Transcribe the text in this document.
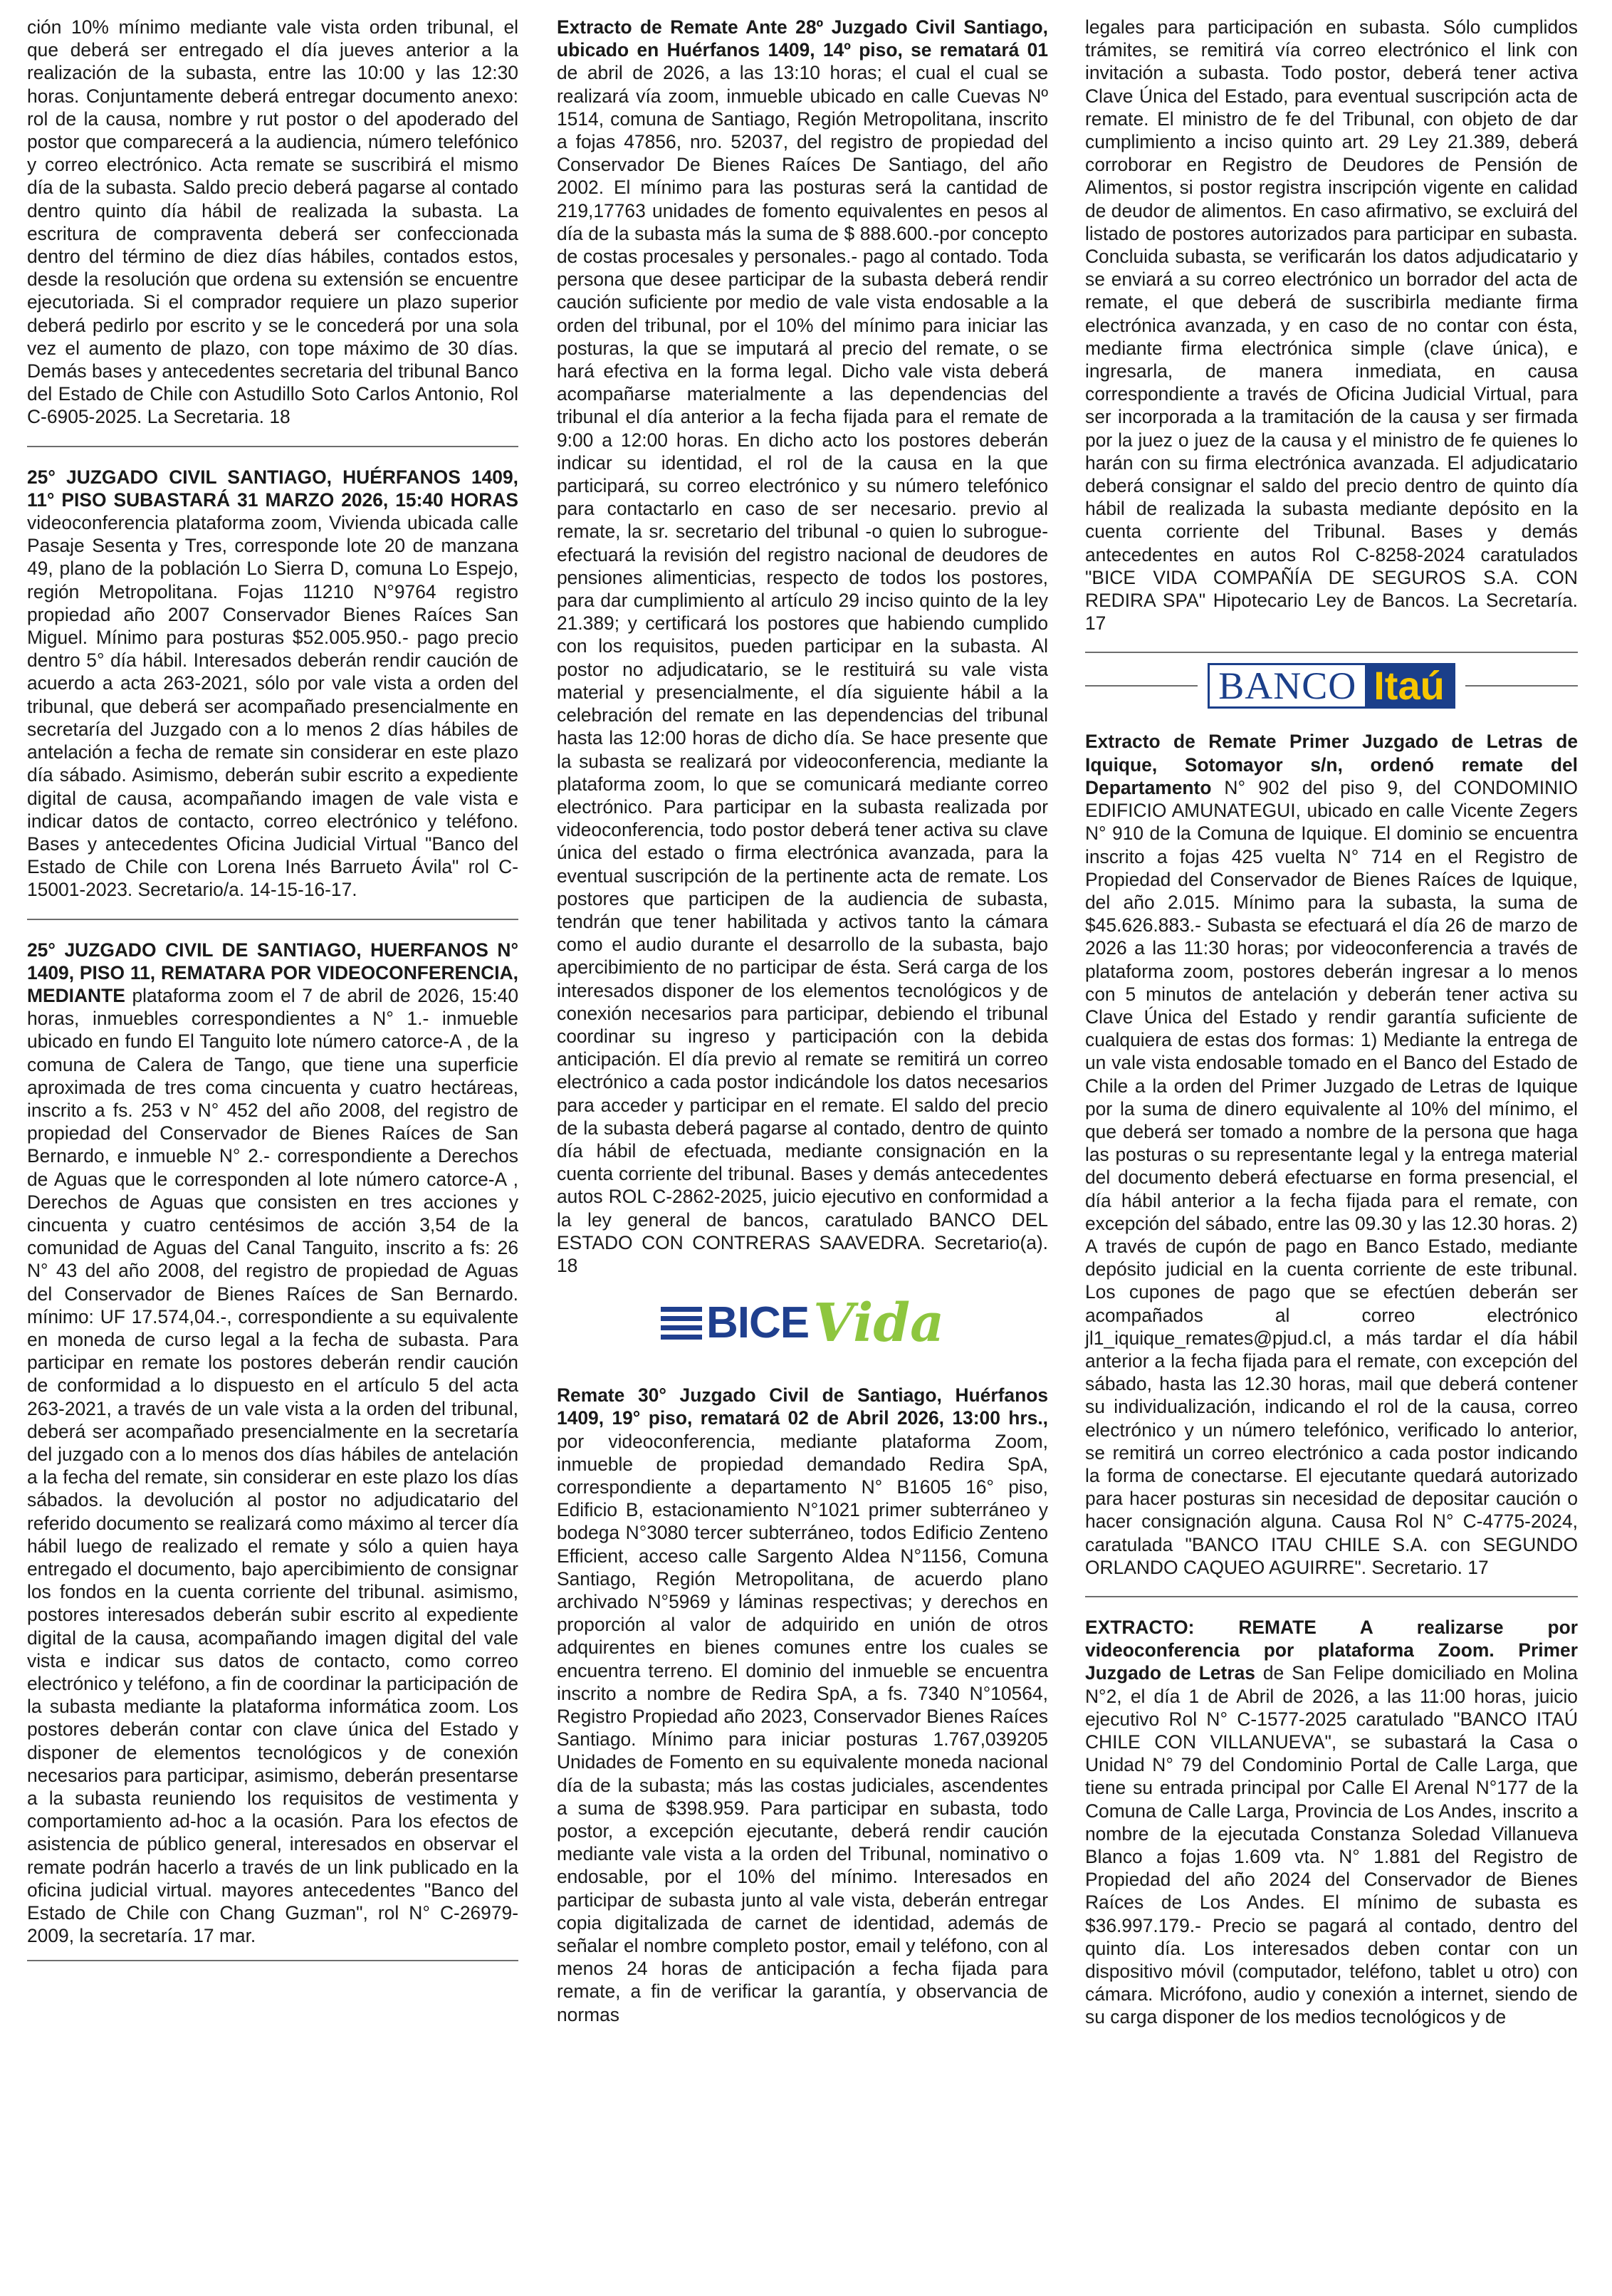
ción 10% mínimo mediante vale vista orden tribunal, el que deberá ser entregado el día jueves anterior a la realización de la subasta, entre las 10:00 y las 12:30 horas. Conjuntamente deberá entregar documento anexo: rol de la causa, nombre y rut postor o del apoderado del postor que comparecerá a la audiencia, número telefónico y correo electrónico. Acta remate se suscribirá el mismo día de la subasta. Saldo precio deberá pagarse al contado dentro quinto día hábil de realizada la subasta. La escritura de compraventa deberá ser confeccionada dentro del término de diez días hábiles, contados estos, desde la resolución que ordena su extensión se encuentre ejecutoriada. Si el comprador requiere un plazo superior deberá pedirlo por escrito y se le concederá por una sola vez el aumento de plazo, con tope máximo de 30 días. Demás bases y antecedentes secretaria del tribunal Banco del Estado de Chile con Astudillo Soto Carlos Antonio, Rol C-6905-2025. La Secretaria. 18

25° JUZGADO CIVIL SANTIAGO, HUÉRFANOS 1409, 11° PISO SUBASTARÁ 31 MARZO 2026, 15:40 HORAS videoconferencia plataforma zoom, Vivienda ubicada calle Pasaje Sesenta y Tres, corresponde lote 20 de manzana 49, plano de la población Lo Sierra D, comuna Lo Espejo, región Metropolitana. Fojas 11210 N°9764 registro propiedad año 2007 Conservador Bienes Raíces San Miguel. Mínimo para posturas $52.005.950.- pago precio dentro 5° día hábil. Interesados deberán rendir caución de acuerdo a acta 263-2021, sólo por vale vista a orden del tribunal, que deberá ser acompañado presencialmente en secretaría del Juzgado con a lo menos 2 días hábiles de antelación a fecha de remate sin considerar en este plazo día sábado. Asimismo, deberán subir escrito a expediente digital de causa, acompañando imagen de vale vista e indicar datos de contacto, correo electrónico y teléfono. Bases y antecedentes Oficina Judicial Virtual "Banco del Estado de Chile con Lorena Inés Barrueto Ávila" rol C-15001-2023. Secretario/a. 14-15-16-17.

25° JUZGADO CIVIL DE SANTIAGO, HUERFANOS N° 1409, PISO 11, REMATARA POR VIDEOCONFERENCIA, MEDIANTE plataforma zoom el 7 de abril de 2026, 15:40 horas, inmuebles correspondientes a N° 1.- inmueble ubicado en fundo El Tanguito lote número catorce-A , de la comuna de Calera de Tango, que tiene una superficie aproximada de tres coma cincuenta y cuatro hectáreas, inscrito a fs. 253 v N° 452 del año 2008, del registro de propiedad del Conservador de Bienes Raíces de San Bernardo, e inmueble N° 2.- correspondiente a Derechos de Aguas que le corresponden al lote número catorce-A , Derechos de Aguas que consisten en tres acciones y cincuenta y cuatro centésimos de acción 3,54 de la comunidad de Aguas del Canal Tanguito, inscrito a fs: 26 N° 43 del año 2008, del registro de propiedad de Aguas del Conservador de Bienes Raíces de San Bernardo. mínimo: UF 17.574,04.-, correspondiente a su equivalente en moneda de curso legal a la fecha de subasta. Para participar en remate los postores deberán rendir caución de conformidad a lo dispuesto en el artículo 5 del acta 263-2021, a través de un vale vista a la orden del tribunal, deberá ser acompañado presencialmente en la secretaría del juzgado con a lo menos dos días hábiles de antelación a la fecha del remate, sin considerar en este plazo los días sábados. la devolución al postor no adjudicatario del referido documento se realizará como máximo al tercer día hábil luego de realizado el remate y sólo a quien haya entregado el documento, bajo apercibimiento de consignar los fondos en la cuenta corriente del tribunal. asimismo, postores interesados deberán subir escrito al expediente digital de la causa, acompañando imagen digital del vale vista e indicar sus datos de contacto, como correo electrónico y teléfono, a fin de coordinar la participación de la subasta mediante la plataforma informática zoom. Los postores deberán contar con clave única del Estado y disponer de elementos tecnológicos y de conexión necesarios para participar, asimismo, deberán presentarse a la subasta reuniendo los requisitos de vestimenta y comportamiento ad-hoc a la ocasión. Para los efectos de asistencia de público general, interesados en observar el remate podrán hacerlo a través de un link publicado en la oficina judicial virtual. mayores antecedentes "Banco del Estado de Chile con Chang Guzman", rol N° C-26979-2009, la secretaría. 17 mar.

Extracto de Remate Ante 28º Juzgado Civil Santiago, ubicado en Huérfanos 1409, 14º piso, se rematará 01 de abril de 2026, a las 13:10 horas; el cual el cual se realizará vía zoom, inmueble ubicado en calle Cuevas Nº 1514, comuna de Santiago, Región Metropolitana, inscrito a fojas 47856, nro. 52037, del registro de propiedad del Conservador De Bienes Raíces De Santiago, del año 2002. El mínimo para las posturas será la cantidad de 219,17763 unidades de fomento equivalentes en pesos al día de la subasta más la suma de $ 888.600.-por concepto de costas procesales y personales.- pago al contado. Toda persona que desee participar de la subasta deberá rendir caución suficiente por medio de vale vista endosable a la orden del tribunal, por el 10% del mínimo para iniciar las posturas, la que se imputará al precio del remate, o se hará efectiva en la forma legal. Dicho vale vista deberá acompañarse materialmente a las dependencias del tribunal el día anterior a la fecha fijada para el remate de 9:00 a 12:00 horas. En dicho acto los postores deberán indicar su identidad, el rol de la causa en la que participará, su correo electrónico y su número telefónico para contactarlo en caso de ser necesario. previo al remate, la sr. secretario del tribunal -o quien lo subrogue- efectuará la revisión del registro nacional de deudores de pensiones alimenticias, respecto de todos los postores, para dar cumplimiento al artículo 29 inciso quinto de la ley 21.389; y certificará los postores que habiendo cumplido con los requisitos, pueden participar en la subasta. Al postor no adjudicatario, se le restituirá su vale vista material y presencialmente, el día siguiente hábil a la celebración del remate en las dependencias del tribunal hasta las 12:00 horas de dicho día. Se hace presente que la subasta se realizará por videoconferencia, mediante la plataforma zoom, lo que se comunicará mediante correo electrónico. Para participar en la subasta realizada por videoconferencia, todo postor deberá tener activa su clave única del estado o firma electrónica avanzada, para la eventual suscripción de la pertinente acta de remate. Los postores que participen de la audiencia de subasta, tendrán que tener habilitada y activos tanto la cámara como el audio durante el desarrollo de la subasta, bajo apercibimiento de no participar de ésta. Será carga de los interesados disponer de los elementos tecnológicos y de conexión necesarios para participar, debiendo el tribunal coordinar su ingreso y participación con la debida anticipación. El día previo al remate se remitirá un correo electrónico a cada postor indicándole los datos necesarios para acceder y participar en el remate. El saldo del precio de la subasta deberá pagarse al contado, dentro de quinto día hábil de efectuada, mediante consignación en la cuenta corriente del tribunal. Bases y demás antecedentes autos ROL C-2862-2025, juicio ejecutivo en conformidad a la ley general de bancos, caratulado BANCO DEL ESTADO CON CONTRERAS SAAVEDRA. Secretario(a). 18

BICE Vida

Remate 30° Juzgado Civil de Santiago, Huérfanos 1409, 19° piso, rematará 02 de Abril 2026, 13:00 hrs., por videoconferencia, mediante plataforma Zoom, inmueble de propiedad demandado Redira SpA, correspondiente a departamento N° B1605 16° piso, Edificio B, estacionamiento N°1021 primer subterráneo y bodega N°3080 tercer subterráneo, todos Edificio Zenteno Efficient, acceso calle Sargento Aldea N°1156, Comuna Santiago, Región Metropolitana, de acuerdo plano archivado N°5969 y láminas respectivas; y derechos en proporción al valor de adquirido en unión de otros adquirentes en bienes comunes entre los cuales se encuentra terreno. El dominio del inmueble se encuentra inscrito a nombre de Redira SpA, a fs. 7340 N°10564, Registro Propiedad año 2023, Conservador Bienes Raíces Santiago. Mínimo para iniciar posturas 1.767,039205 Unidades de Fomento en su equivalente moneda nacional día de la subasta; más las costas judiciales, ascendentes a suma de $398.959. Para participar en subasta, todo postor, a excepción ejecutante, deberá rendir caución mediante vale vista a la orden del Tribunal, nominativo o endosable, por el 10% del mínimo. Interesados en participar de subasta junto al vale vista, deberán entregar copia digitalizada de carnet de identidad, además de señalar el nombre completo postor, email y teléfono, con al menos 24 horas de anticipación a fecha fijada para remate, a fin de verificar la garantía, y observancia de normas

legales para participación en subasta. Sólo cumplidos trámites, se remitirá vía correo electrónico el link con invitación a subasta. Todo postor, deberá tener activa Clave Única del Estado, para eventual suscripción acta de remate. El ministro de fe del Tribunal, con objeto de dar cumplimiento a inciso quinto art. 29 Ley 21.389, deberá corroborar en Registro de Deudores de Pensión de Alimentos, si postor registra inscripción vigente en calidad de deudor de alimentos. En caso afirmativo, se excluirá del listado de postores autorizados para participar en subasta. Concluida subasta, se verificarán los datos adjudicatario y se enviará a su correo electrónico un borrador del acta de remate, el que deberá de suscribirla mediante firma electrónica avanzada, y en caso de no contar con ésta, mediante firma electrónica simple (clave única), e ingresarla, de manera inmediata, en causa correspondiente a través de Oficina Judicial Virtual, para ser incorporada a la tramitación de la causa y ser firmada por la juez o juez de la causa y el ministro de fe quienes lo harán con su firma electrónica avanzada. El adjudicatario deberá consignar el saldo del precio dentro de quinto día hábil de realizada la subasta mediante depósito en la cuenta corriente del Tribunal. Bases y demás antecedentes en autos Rol C-8258-2024 caratulados "BICE VIDA COMPAÑÍA DE SEGUROS S.A. CON REDIRA SPA" Hipotecario Ley de Bancos. La Secretaría. 17

BANCO Itaú

Extracto de Remate Primer Juzgado de Letras de Iquique, Sotomayor s/n, ordenó remate del Departamento N° 902 del piso 9, del CONDOMINIO EDIFICIO AMUNATEGUI, ubicado en calle Vicente Zegers N° 910 de la Comuna de Iquique. El dominio se encuentra inscrito a fojas 425 vuelta N° 714 en el Registro de Propiedad del Conservador de Bienes Raíces de Iquique, del año 2.015. Mínimo para la subasta, la suma de $45.626.883.- Subasta se efectuará el día 26 de marzo de 2026 a las 11:30 horas; por videoconferencia a través de plataforma zoom, postores deberán ingresar a lo menos con 5 minutos de antelación y deberán tener activa su Clave Única del Estado y rendir garantía suficiente de cualquiera de estas dos formas: 1) Mediante la entrega de un vale vista endosable tomado en el Banco del Estado de Chile a la orden del Primer Juzgado de Letras de Iquique por la suma de dinero equivalente al 10% del mínimo, el que deberá ser tomado a nombre de la persona que haga las posturas o su representante legal y la entrega material del documento deberá efectuarse en forma presencial, el día hábil anterior a la fecha fijada para el remate, con excepción del sábado, entre las 09.30 y las 12.30 horas. 2) A través de cupón de pago en Banco Estado, mediante depósito judicial en la cuenta corriente de este tribunal. Los cupones de pago que se efectúen deberán ser acompañados al correo electrónico jl1_iquique_remates@pjud.cl, a más tardar el día hábil anterior a la fecha fijada para el remate, con excepción del sábado, hasta las 12.30 horas, mail que deberá contener su individualización, indicando el rol de la causa, correo electrónico y un número telefónico, verificado lo anterior, se remitirá un correo electrónico a cada postor indicando la forma de conectarse. El ejecutante quedará autorizado para hacer posturas sin necesidad de depositar caución o hacer consignación alguna. Causa Rol N° C-4775-2024, caratulada "BANCO ITAU CHILE S.A. con SEGUNDO ORLANDO CAQUEO AGUIRRE". Secretario. 17

EXTRACTO: REMATE A realizarse por videoconferencia por plataforma Zoom. Primer Juzgado de Letras de San Felipe domiciliado en Molina N°2, el día 1 de Abril de 2026, a las 11:00 horas, juicio ejecutivo Rol N° C-1577-2025 caratulado "BANCO ITAÚ CHILE CON VILLANUEVA", se subastará la Casa o Unidad N° 79 del Condominio Portal de Calle Larga, que tiene su entrada principal por Calle El Arenal N°177 de la Comuna de Calle Larga, Provincia de Los Andes, inscrito a nombre de la ejecutada Constanza Soledad Villanueva Blanco a fojas 1.609 vta. N° 1.881 del Registro de Propiedad del año 2024 del Conservador de Bienes Raíces de Los Andes. El mínimo de subasta es $36.997.179.- Precio se pagará al contado, dentro del quinto día. Los interesados deben contar con un dispositivo móvil (computador, teléfono, tablet u otro) con cámara. Micrófono, audio y conexión a internet, siendo de su carga disponer de los medios tecnológicos y de
